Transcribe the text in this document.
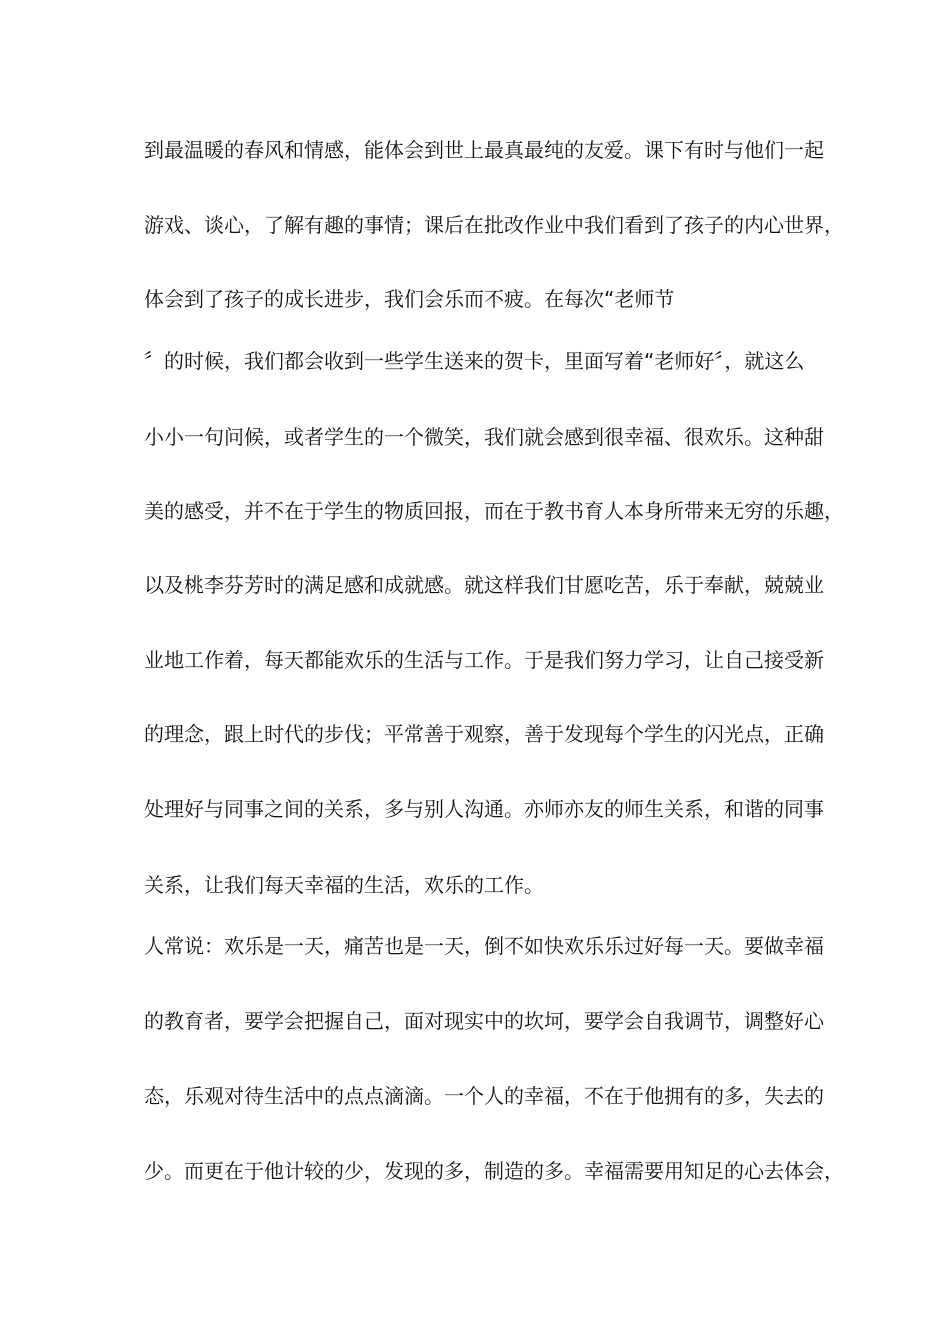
到最温暖的春风和情感，能体会到世上最真最纯的友爱。课下有时与他们一起
游戏、谈心，了解有趣的事情；课后在批改作业中我们看到了孩子的内心世界，
体会到了孩子的成长进步，我们会乐而不疲。在每次“老师节
〞的时候，我们都会收到一些学生送来的贺卡，里面写着“老师好〞，就这么
小小一句问候，或者学生的一个微笑，我们就会感到很幸福、很欢乐。这种甜
美的感受，并不在于学生的物质回报，而在于教书育人本身所带来无穷的乐趣，
以及桃李芬芳时的满足感和成就感。就这样我们甘愿吃苦，乐于奉献，兢兢业
业地工作着，每天都能欢乐的生活与工作。于是我们努力学习，让自己接受新
的理念，跟上时代的步伐；平常善于观察，善于发现每个学生的闪光点，正确
处理好与同事之间的关系，多与别人沟通。亦师亦友的师生关系，和谐的同事
关系，让我们每天幸福的生活，欢乐的工作。
人常说：欢乐是一天，痛苦也是一天，倒不如快欢乐乐过好每一天。要做幸福
的教育者，要学会把握自己，面对现实中的坎坷，要学会自我调节，调整好心
态，乐观对待生活中的点点滴滴。一个人的幸福，不在于他拥有的多，失去的
少。而更在于他计较的少，发现的多，制造的多。幸福需要用知足的心去体会，
